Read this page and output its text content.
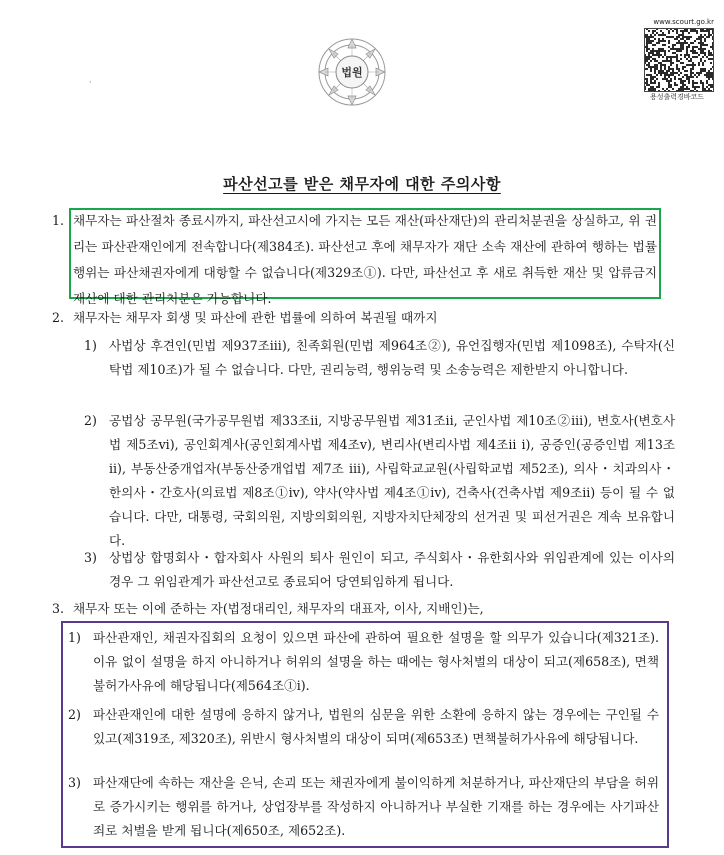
법원
·
www.scourt.go.kr
용성출력경바코드
파산선고를 받은 채무자에 대한 주의사항
1. 채무자는 파산절차 종료시까지, 파산선고시에 가지는 모든 재산(파산재단)의 관리처분권을 상실하고, 위 권리는 파산관재인에게 전속합니다(제384조). 파산선고 후에 채무자가 재단 소속 재산에 관하여 행하는 법률행위는 파산채권자에게 대항할 수 없습니다(제329조①). 다만, 파산선고 후 새로 취득한 재산 및 압류금지재산에 대한 관리처분은 가능합니다.
2. 채무자는 채무자 회생 및 파산에 관한 법률에 의하여 복권될 때까지
1) 사법상 후견인(민법 제937조iii), 친족회원(민법 제964조②), 유언집행자(민법 제1098조), 수탁자(신탁법 제10조)가 될 수 없습니다. 다만, 권리능력, 행위능력 및 소송능력은 제한받지 아니합니다.
2) 공법상 공무원(국가공무원법 제33조ii, 지방공무원법 제31조ii, 군인사법 제10조②iii), 변호사(변호사법 제5조vi), 공인회계사(공인회계사법 제4조v), 변리사(변리사법 제4조ii i), 공증인(공증인법 제13조ii), 부동산중개업자(부동산중개업법 제7조 iii), 사립학교교원(사립학교법 제52조), 의사・치과의사・한의사・간호사(의료법 제8조①iv), 약사(약사법 제4조①iv), 건축사(건축사법 제9조ii) 등이 될 수 없습니다. 다만, 대통령, 국회의원, 지방의회의원, 지방자치단체장의 선거권 및 피선거권은 계속 보유합니다.
3) 상법상 합명회사・합자회사 사원의 퇴사 원인이 되고, 주식회사・유한회사와 위임관계에 있는 이사의 경우 그 위임관계가 파산선고로 종료되어 당연퇴임하게 됩니다.
3. 채무자 또는 이에 준하는 자(법정대리인, 채무자의 대표자, 이사, 지배인)는,
1) 파산관재인, 채권자집회의 요청이 있으면 파산에 관하여 필요한 설명을 할 의무가 있습니다(제321조). 이유 없이 설명을 하지 아니하거나 허위의 설명을 하는 때에는 형사처벌의 대상이 되고(제658조), 면책불허가사유에 해당됩니다(제564조①i).
2) 파산관재인에 대한 설명에 응하지 않거나, 법원의 심문을 위한 소환에 응하지 않는 경우에는 구인될 수 있고(제319조, 제320조), 위반시 형사처벌의 대상이 되며(제653조) 면책불허가사유에 해당됩니다.
3) 파산재단에 속하는 재산을 은닉, 손괴 또는 채권자에게 불이익하게 처분하거나, 파산재단의 부담을 허위로 증가시키는 행위를 하거나, 상업장부를 작성하지 아니하거나 부실한 기재를 하는 경우에는 사기파산죄로 처벌을 받게 됩니다(제650조, 제652조).
